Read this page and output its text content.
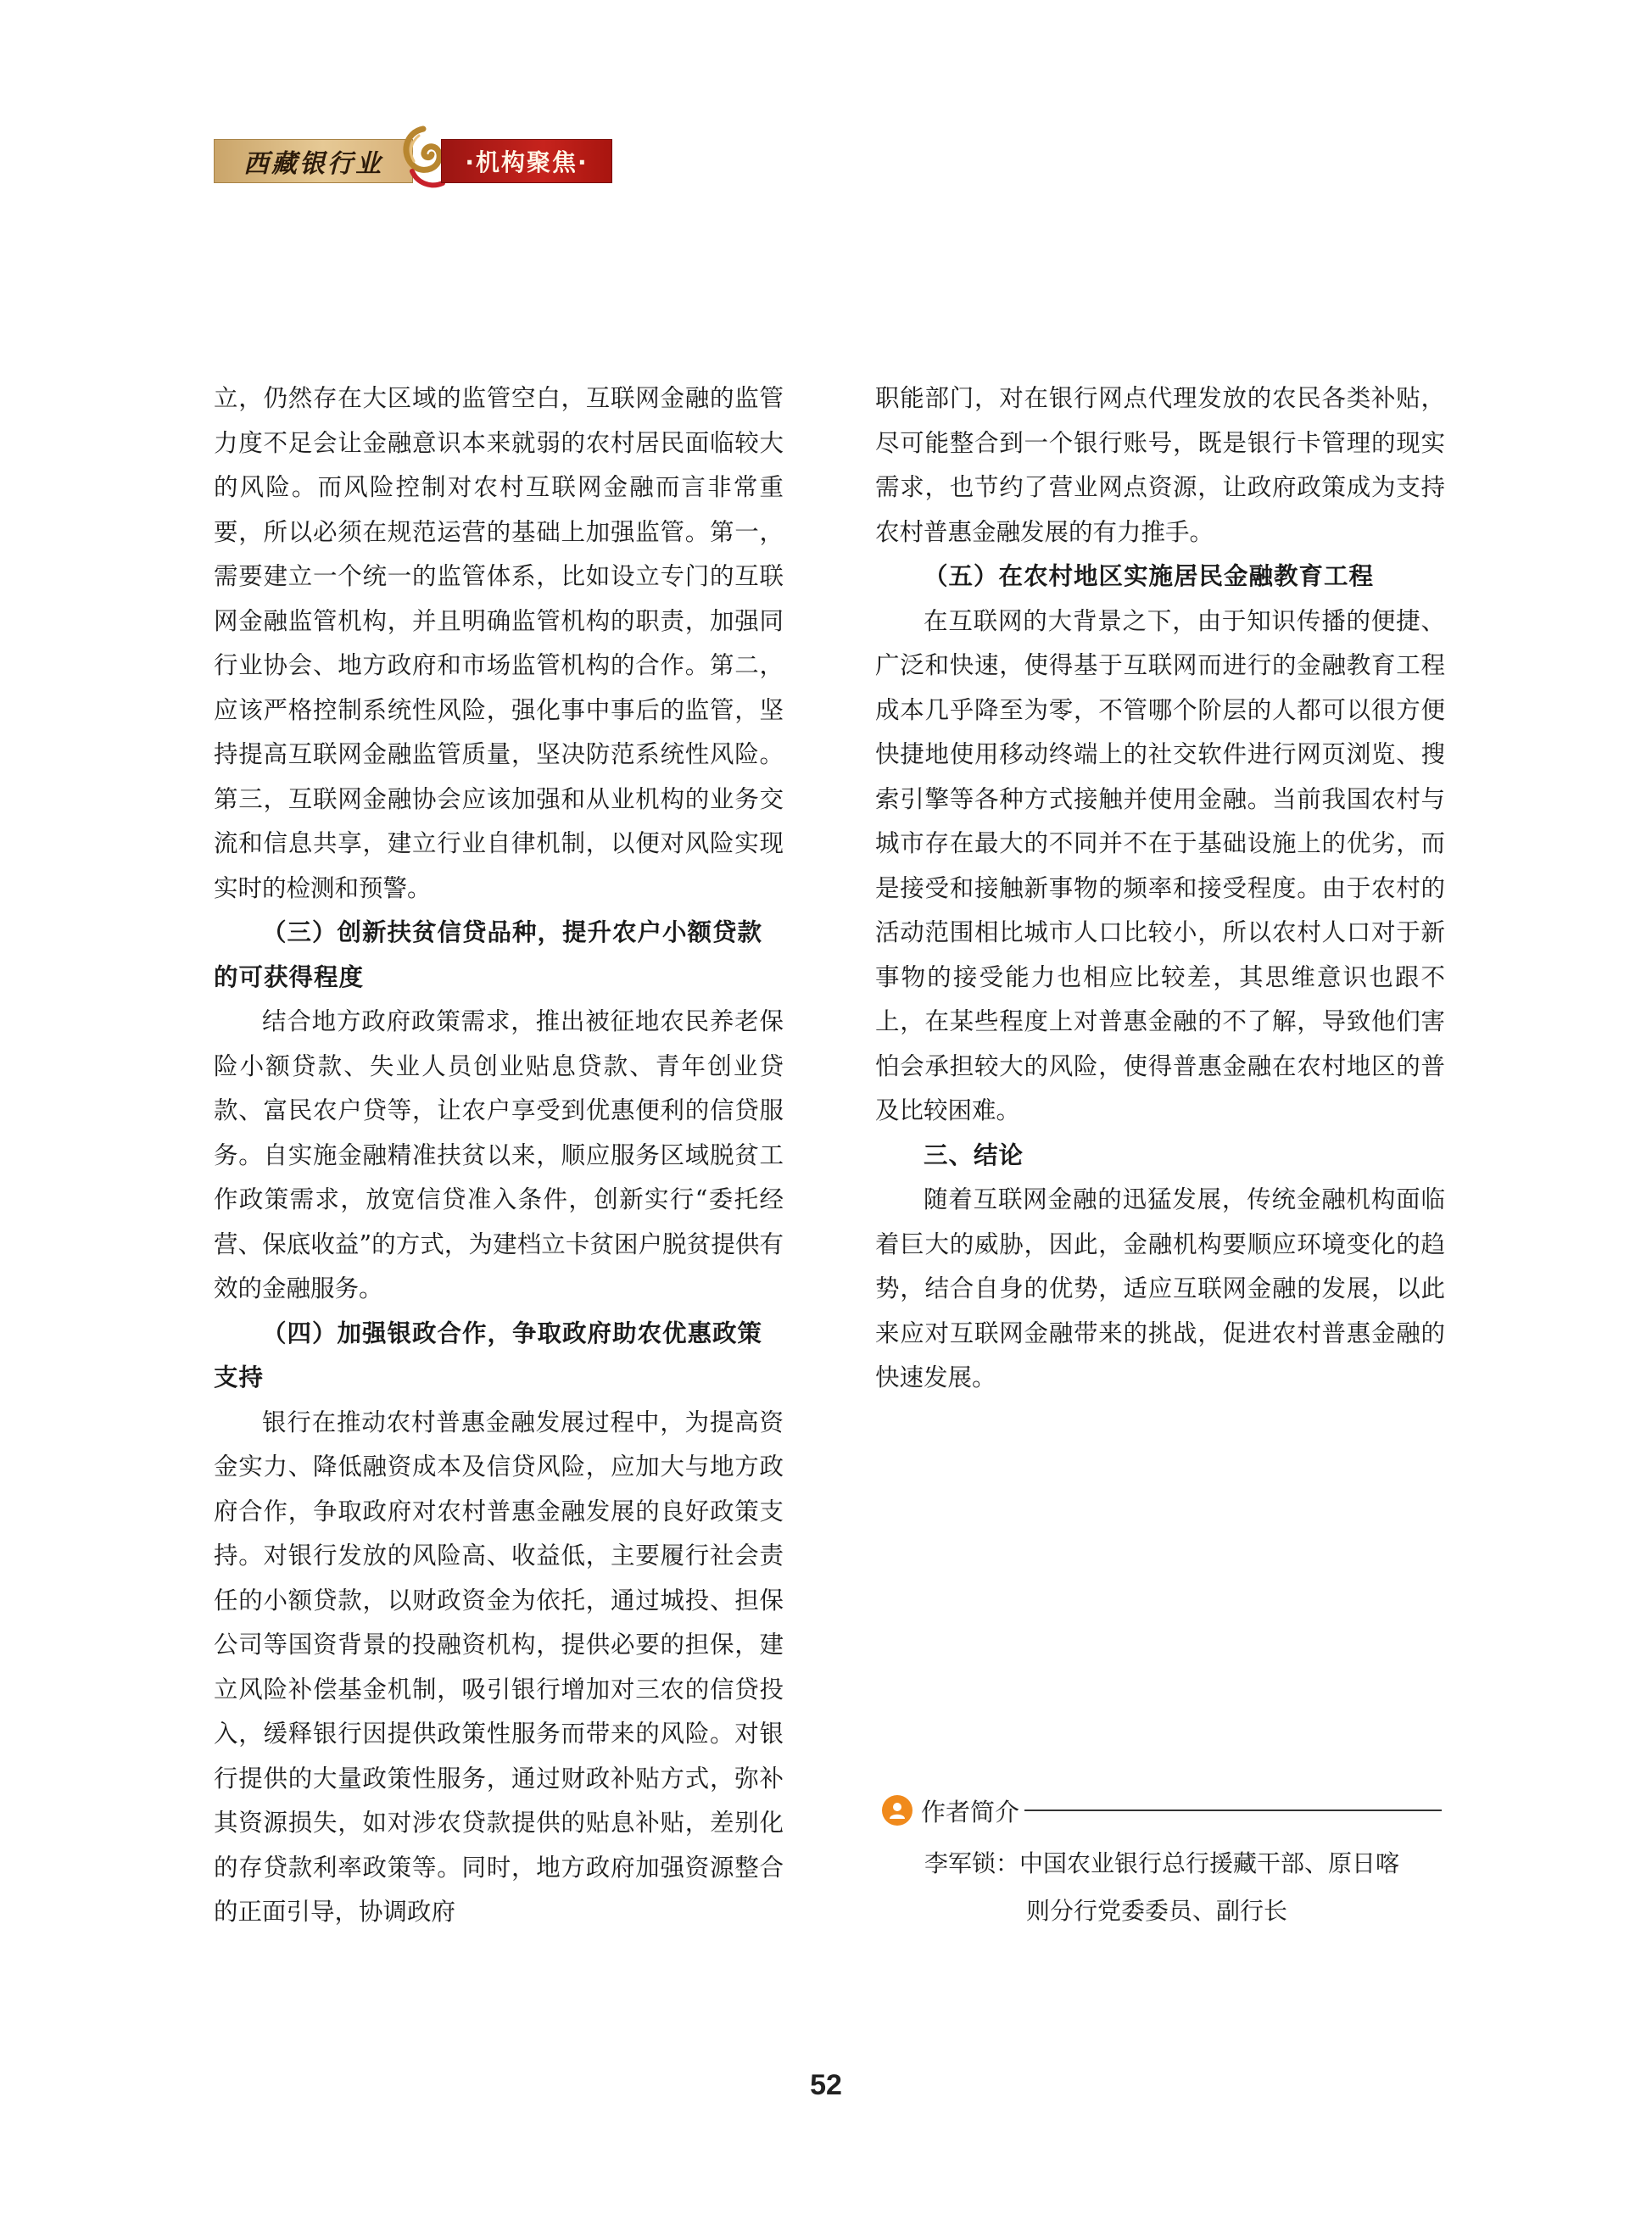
西藏银行业	·机构聚焦·

立，仍然存在大区域的监管空白，互联网金融的监管力度不足会让金融意识本来就弱的农村居民面临较大的风险。而风险控制对农村互联网金融而言非常重要，所以必须在规范运营的基础上加强监管。第一，需要建立一个统一的监管体系，比如设立专门的互联网金融监管机构，并且明确监管机构的职责，加强同行业协会、地方政府和市场监管机构的合作。第二，应该严格控制系统性风险，强化事中事后的监管，坚持提高互联网金融监管质量，坚决防范系统性风险。第三，互联网金融协会应该加强和从业机构的业务交流和信息共享，建立行业自律机制，以便对风险实现实时的检测和预警。

（三）创新扶贫信贷品种，提升农户小额贷款的可获得程度

结合地方政府政策需求，推出被征地农民养老保险小额贷款、失业人员创业贴息贷款、青年创业贷款、富民农户贷等，让农户享受到优惠便利的信贷服务。自实施金融精准扶贫以来，顺应服务区域脱贫工作政策需求，放宽信贷准入条件，创新实行“委托经营、保底收益”的方式，为建档立卡贫困户脱贫提供有效的金融服务。

（四）加强银政合作，争取政府助农优惠政策支持

银行在推动农村普惠金融发展过程中，为提高资金实力、降低融资成本及信贷风险，应加大与地方政府合作，争取政府对农村普惠金融发展的良好政策支持。对银行发放的风险高、收益低，主要履行社会责任的小额贷款，以财政资金为依托，通过城投、担保公司等国资背景的投融资机构，提供必要的担保，建立风险补偿基金机制，吸引银行增加对三农的信贷投入，缓释银行因提供政策性服务而带来的风险。对银行提供的大量政策性服务，通过财政补贴方式，弥补其资源损失，如对涉农贷款提供的贴息补贴，差别化的存贷款利率政策等。同时，地方政府加强资源整合的正面引导，协调政府

职能部门，对在银行网点代理发放的农民各类补贴，尽可能整合到一个银行账号，既是银行卡管理的现实需求，也节约了营业网点资源，让政府政策成为支持农村普惠金融发展的有力推手。

（五）在农村地区实施居民金融教育工程

在互联网的大背景之下，由于知识传播的便捷、广泛和快速，使得基于互联网而进行的金融教育工程成本几乎降至为零，不管哪个阶层的人都可以很方便快捷地使用移动终端上的社交软件进行网页浏览、搜索引擎等各种方式接触并使用金融。当前我国农村与城市存在最大的不同并不在于基础设施上的优劣，而是接受和接触新事物的频率和接受程度。由于农村的活动范围相比城市人口比较小，所以农村人口对于新事物的接受能力也相应比较差，其思维意识也跟不上，在某些程度上对普惠金融的不了解，导致他们害怕会承担较大的风险，使得普惠金融在农村地区的普及比较困难。

三、结论

随着互联网金融的迅猛发展，传统金融机构面临着巨大的威胁，因此，金融机构要顺应环境变化的趋势，结合自身的优势，适应互联网金融的发展，以此来应对互联网金融带来的挑战，促进农村普惠金融的快速发展。

作者简介
李军锁：中国农业银行总行援藏干部、原日喀
则分行党委委员、副行长
52
